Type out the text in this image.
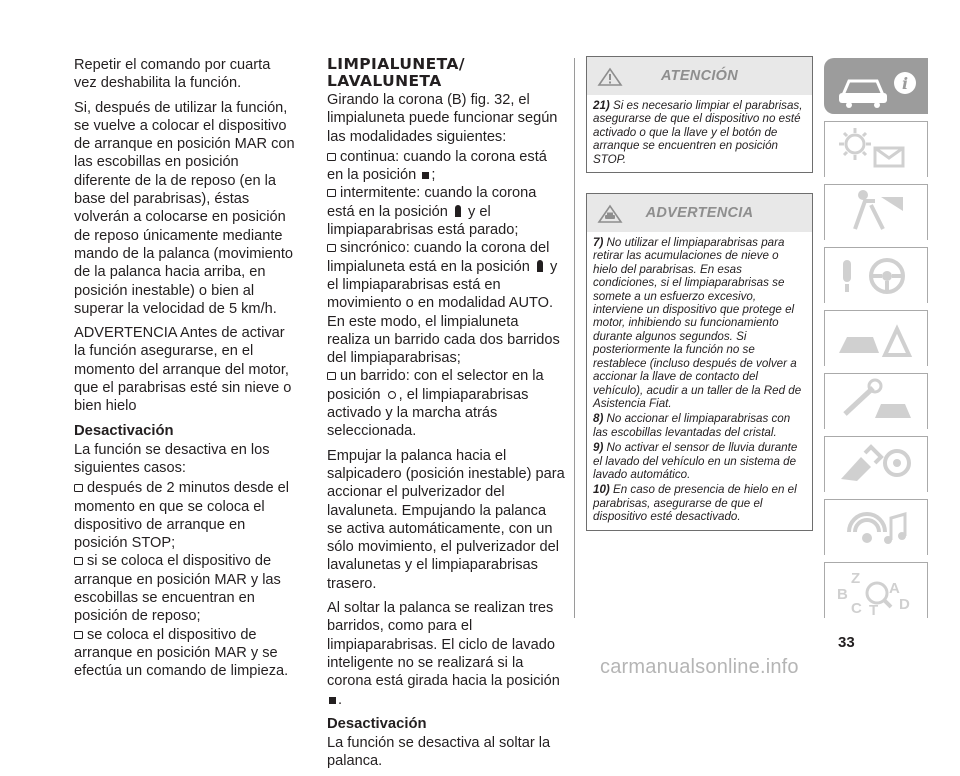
Repetir el comando por cuarta vez deshabilita la función.

Si, después de utilizar la función, se vuelve a colocar el dispositivo de arranque en posición MAR con las escobillas en posición diferente de la de reposo (en la base del parabrisas), éstas volverán a colocarse en posición de reposo únicamente mediante mando de la palanca (movimiento de la palanca hacia arriba, en posición inestable) o bien al superar la velocidad de 5 km/h.

ADVERTENCIA Antes de activar la función asegurarse, en el momento del arranque del motor, que el parabrisas esté sin nieve o bien hielo

Desactivación

La función se desactiva en los siguientes casos:

después de 2 minutos desde el momento en que se coloca el dispositivo de arranque en posición STOP;
si se coloca el dispositivo de arranque en posición MAR y las escobillas se encuentran en posición de reposo;
se coloca el dispositivo de arranque en posición MAR y se efectúa un comando de limpieza.
LIMPIALUNETA/
LAVALUNETA

Girando la corona (B) fig. 32, el limpialuneta puede funcionar según las modalidades siguientes:

continua: cuando la corona está en la posición ;
intermitente: cuando la corona está en la posición y el limpiaparabrisas está parado;
sincrónico: cuando la corona del limpialuneta está en la posición y el limpiaparabrisas está en movimiento o en modalidad AUTO. En este modo, el limpialuneta realiza un barrido cada dos barridos del limpiaparabrisas;
un barrido: con el selector en la posición , el limpiaparabrisas activado y la marcha atrás seleccionada.

Empujar la palanca hacia el salpicadero (posición inestable) para accionar el pulverizador del lavaluneta. Empujando la palanca se activa automáticamente, con un sólo movimiento, el pulverizador del lavalunetas y el limpiaparabrisas trasero.

Al soltar la palanca se realizan tres barridos, como para el limpiaparabrisas. El ciclo de lavado inteligente no se realizará si la corona está girada hacia la posición .

Desactivación

La función se desactiva al soltar la palanca.

ATENCIÓN

21) Si es necesario limpiar el parabrisas, asegurarse de que el dispositivo no esté activado o que la llave y el botón de arranque se encuentren en posición STOP.

ADVERTENCIA

7) No utilizar el limpiaparabrisas para retirar las acumulaciones de nieve o hielo del parabrisas. En esas condiciones, si el limpiaparabrisas se somete a un esfuerzo excesivo, interviene un dispositivo que protege el motor, inhibiendo su funcionamiento durante algunos segundos. Si posteriormente la función no se restablece (incluso después de volver a accionar la llave de contacto del vehículo), acudir a un taller de la Red de Asistencia Fiat.

8) No accionar el limpiaparabrisas con las escobillas levantadas del cristal.

9) No activar el sensor de lluvia durante el lavado del vehículo en un sistema de lavado automático.

10) En caso de presencia de hielo en el parabrisas, asegurarse de que el dispositivo esté desactivado.

i
Z
B	A
C T D
33
carmanualsonline.info
